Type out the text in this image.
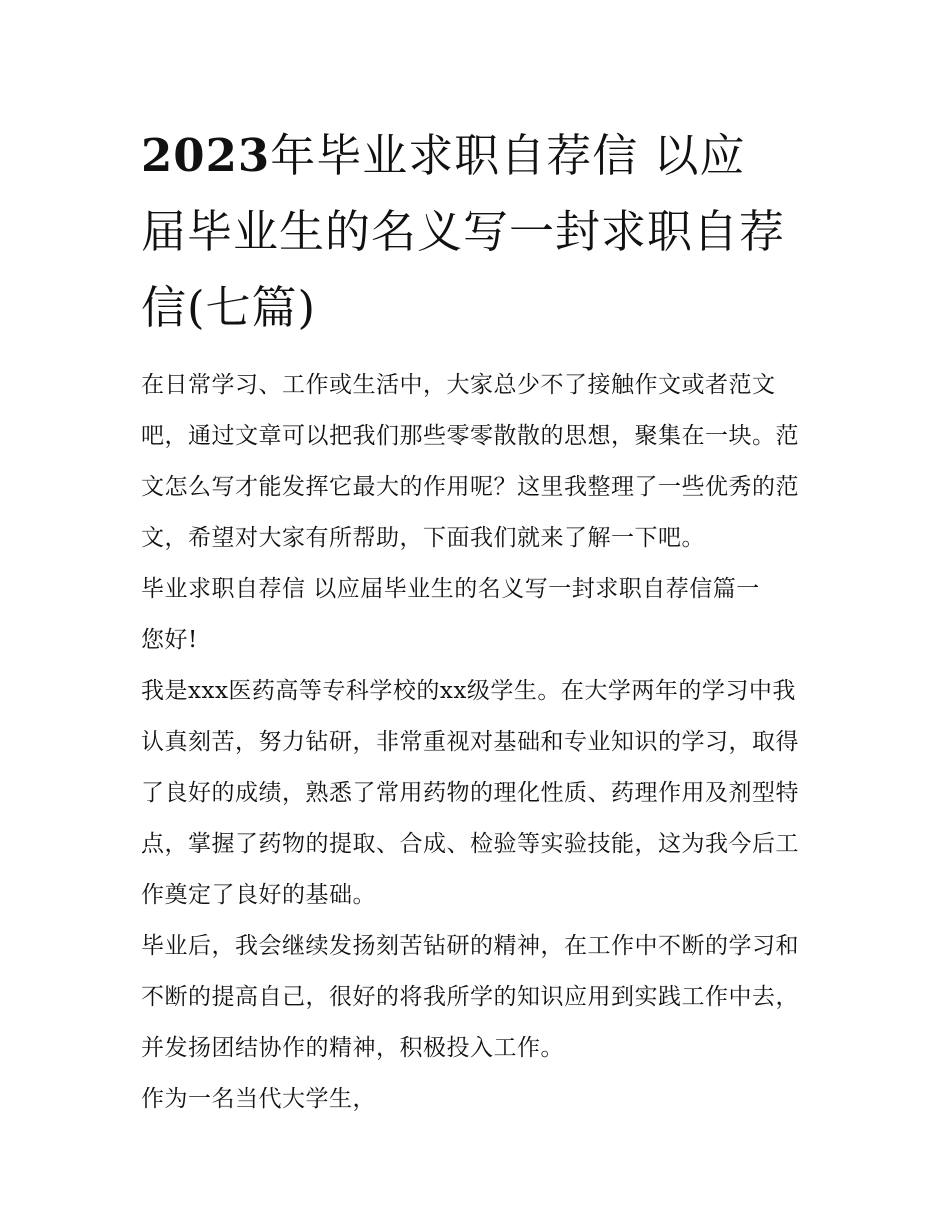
2023年毕业求职自荐信 以应届毕业生的名义写一封求职自荐信(七篇)

在日常学习、工作或生活中，大家总少不了接触作文或者范文吧，通过文章可以把我们那些零零散散的思想，聚集在一块。范文怎么写才能发挥它最大的作用呢？这里我整理了一些优秀的范文，希望对大家有所帮助，下面我们就来了解一下吧。

毕业求职自荐信 以应届毕业生的名义写一封求职自荐信篇一

您好!

我是xxx医药高等专科学校的xx级学生。在大学两年的学习中我认真刻苦，努力钻研，非常重视对基础和专业知识的学习，取得了良好的成绩，熟悉了常用药物的理化性质、药理作用及剂型特点，掌握了药物的提取、合成、检验等实验技能，这为我今后工作奠定了良好的基础。

毕业后，我会继续发扬刻苦钻研的精神，在工作中不断的学习和不断的提高自己，很好的将我所学的知识应用到实践工作中去，并发扬团结协作的精神，积极投入工作。

作为一名当代大学生，
